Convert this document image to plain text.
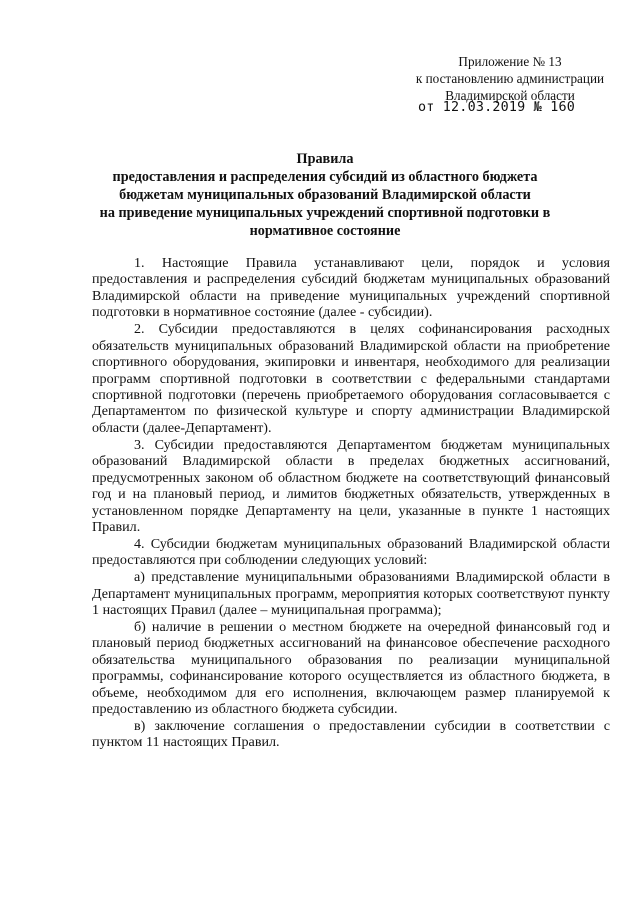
Приложение № 13
к постановлению администрации
Владимирской области
от 12.03.2019 № 160
Правила
предоставления и распределения субсидий из областного бюджета
бюджетам муниципальных образований Владимирской области
на приведение муниципальных учреждений спортивной подготовки в
нормативное состояние

1. Настоящие Правила устанавливают цели, порядок и условия предоставления и распределения субсидий бюджетам муниципальных образований Владимирской области на приведение муниципальных учреждений спортивной подготовки в нормативное состояние (далее - субсидии).

2. Субсидии предоставляются в целях софинансирования расходных обязательств муниципальных образований Владимирской области на приобретение спортивного оборудования, экипировки и инвентаря, необходимого для реализации программ спортивной подготовки в соответствии с федеральными стандартами спортивной подготовки (перечень приобретаемого оборудования согласовывается с Департаментом по физической культуре и спорту администрации Владимирской области (далее-Департамент).

3. Субсидии предоставляются Департаментом бюджетам муниципальных образований Владимирской области в пределах бюджетных ассигнований, предусмотренных законом об областном бюджете на соответствующий финансовый год и на плановый период, и лимитов бюджетных обязательств, утвержденных в установленном порядке Департаменту на цели, указанные в пункте 1 настоящих Правил.

4. Субсидии бюджетам муниципальных образований Владимирской области предоставляются при соблюдении следующих условий:

а) представление муниципальными образованиями Владимирской области в Департамент муниципальных программ, мероприятия которых соответствуют пункту 1 настоящих Правил (далее – муниципальная программа);

б) наличие в решении о местном бюджете на очередной финансовый год и плановый период бюджетных ассигнований на финансовое обеспечение расходного обязательства муниципального образования по реализации муниципальной программы, софинансирование которого осуществляется из областного бюджета, в объеме, необходимом для его исполнения, включающем размер планируемой к предоставлению из областного бюджета субсидии.

в) заключение соглашения о предоставлении субсидии в соответствии с пунктом 11 настоящих Правил.
